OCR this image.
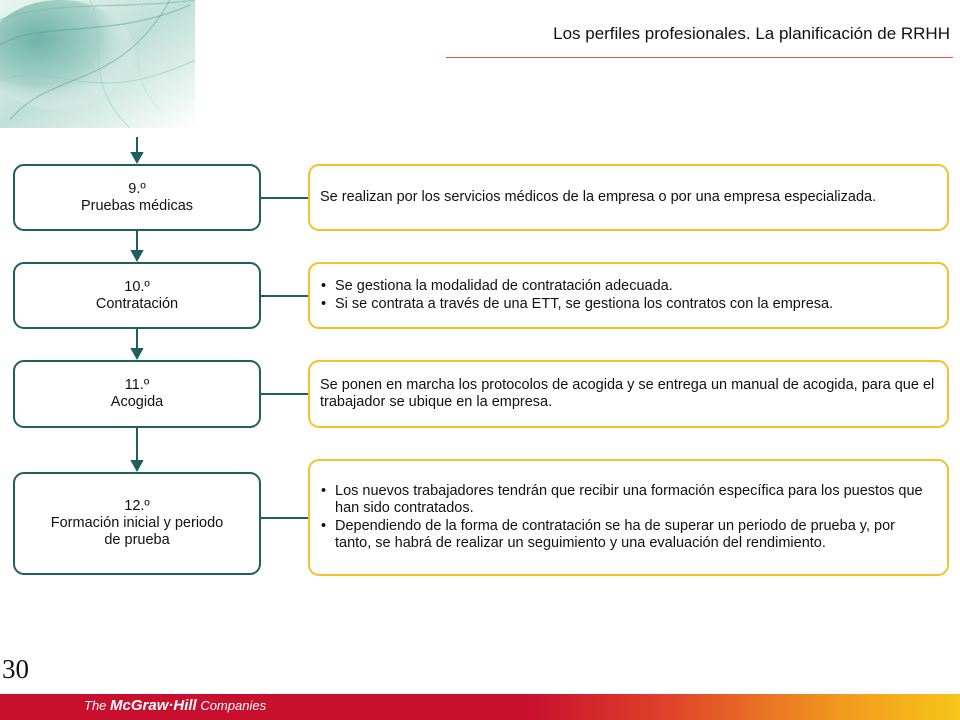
Los perfiles profesionales. La planificación de RRHH
9.º
Pruebas médicas

Se realizan por los servicios médicos de la empresa o por una empresa especializada.

10.º
Contratación
• Se gestiona la modalidad de contratación adecuada.
• Si se contrata a través de una ETT, se gestiona los contratos con la empresa.
11.º
Acogida

Se ponen en marcha los protocolos de acogida y se entrega un manual de acogida, para que el trabajador se ubique en la empresa.

12.º
Formación inicial y periodo
de prueba
• Los nuevos trabajadores tendrán que recibir una formación específica para los puestos que han sido contratados.
• Dependiendo de la forma de contratación se ha de superar un periodo de prueba y, por tanto, se habrá de realizar un seguimiento y una evaluación del rendimiento.
30
The McGraw·Hill Companies
